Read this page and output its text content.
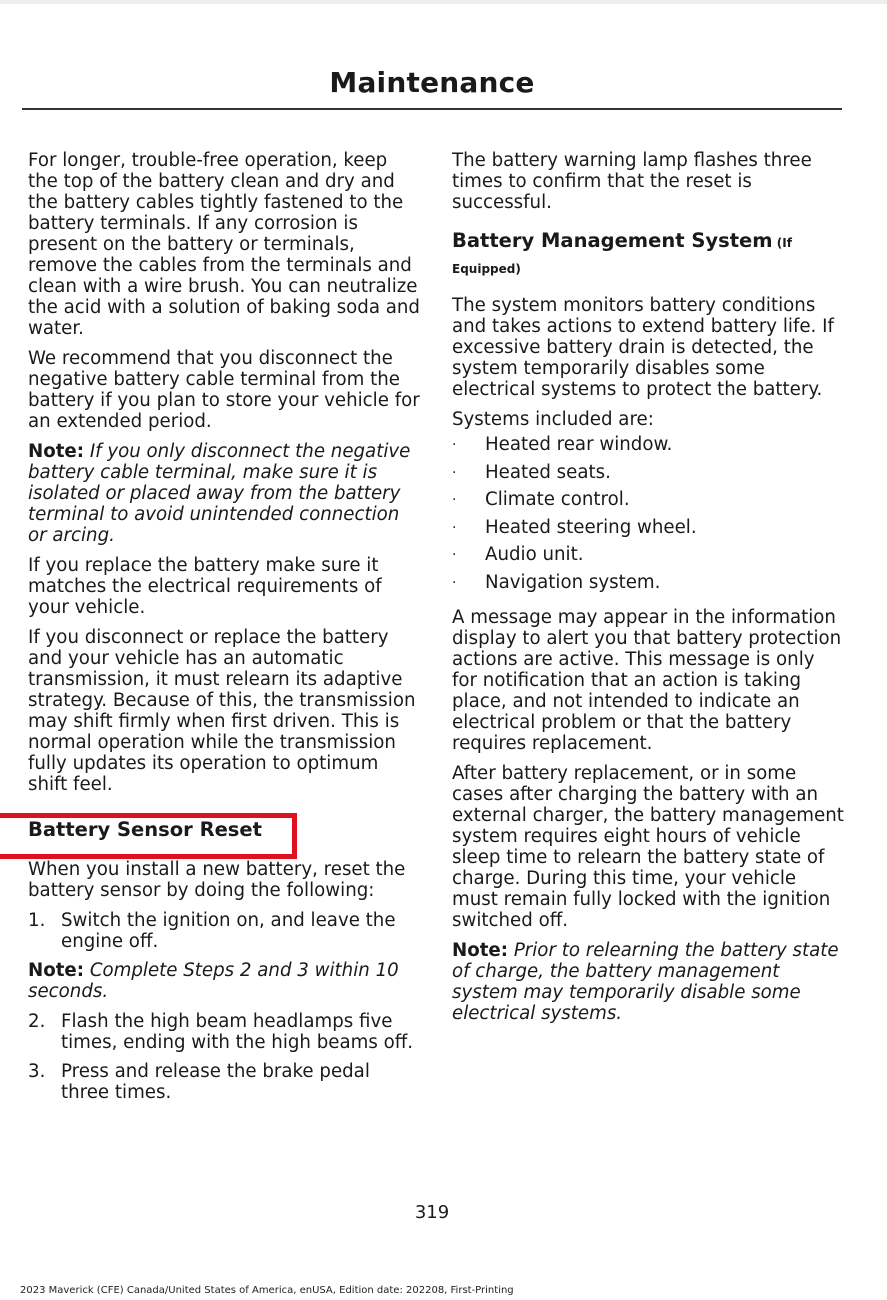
Maintenance

For longer, trouble-free operation, keep the top of the battery clean and dry and the battery cables tightly fastened to the battery terminals. If any corrosion is present on the battery or terminals, remove the cables from the terminals and clean with a wire brush. You can neutralize the acid with a solution of baking soda and water.

We recommend that you disconnect the negative battery cable terminal from the battery if you plan to store your vehicle for an extended period.

Note: If you only disconnect the negative battery cable terminal, make sure it is isolated or placed away from the battery terminal to avoid unintended connection or arcing.

If you replace the battery make sure it matches the electrical requirements of your vehicle.

If you disconnect or replace the battery and your vehicle has an automatic transmission, it must relearn its adaptive strategy. Because of this, the transmission may shift firmly when first driven. This is normal operation while the transmission fully updates its operation to optimum shift feel.

Battery Sensor Reset

When you install a new battery, reset the battery sensor by doing the following:

1. Switch the ignition on, and leave the engine off.

Note: Complete Steps 2 and 3 within 10 seconds.

2. Flash the high beam headlamps five times, ending with the high beams off.
3. Press and release the brake pedal three times.

The battery warning lamp flashes three times to confirm that the reset is successful.

Battery Management System (If Equipped)

The system monitors battery conditions and takes actions to extend battery life. If excessive battery drain is detected, the system temporarily disables some electrical systems to protect the battery.

Systems included are:

· Heated rear window.
· Heated seats.
· Climate control.
· Heated steering wheel.
· Audio unit.
· Navigation system.

A message may appear in the information display to alert you that battery protection actions are active. This message is only for notification that an action is taking place, and not intended to indicate an electrical problem or that the battery requires replacement.

After battery replacement, or in some cases after charging the battery with an external charger, the battery management system requires eight hours of vehicle sleep time to relearn the battery state of charge. During this time, your vehicle must remain fully locked with the ignition switched off.

Note: Prior to relearning the battery state of charge, the battery management system may temporarily disable some electrical systems.

319
2023 Maverick (CFE) Canada/United States of America, enUSA, Edition date: 202208, First-Printing
